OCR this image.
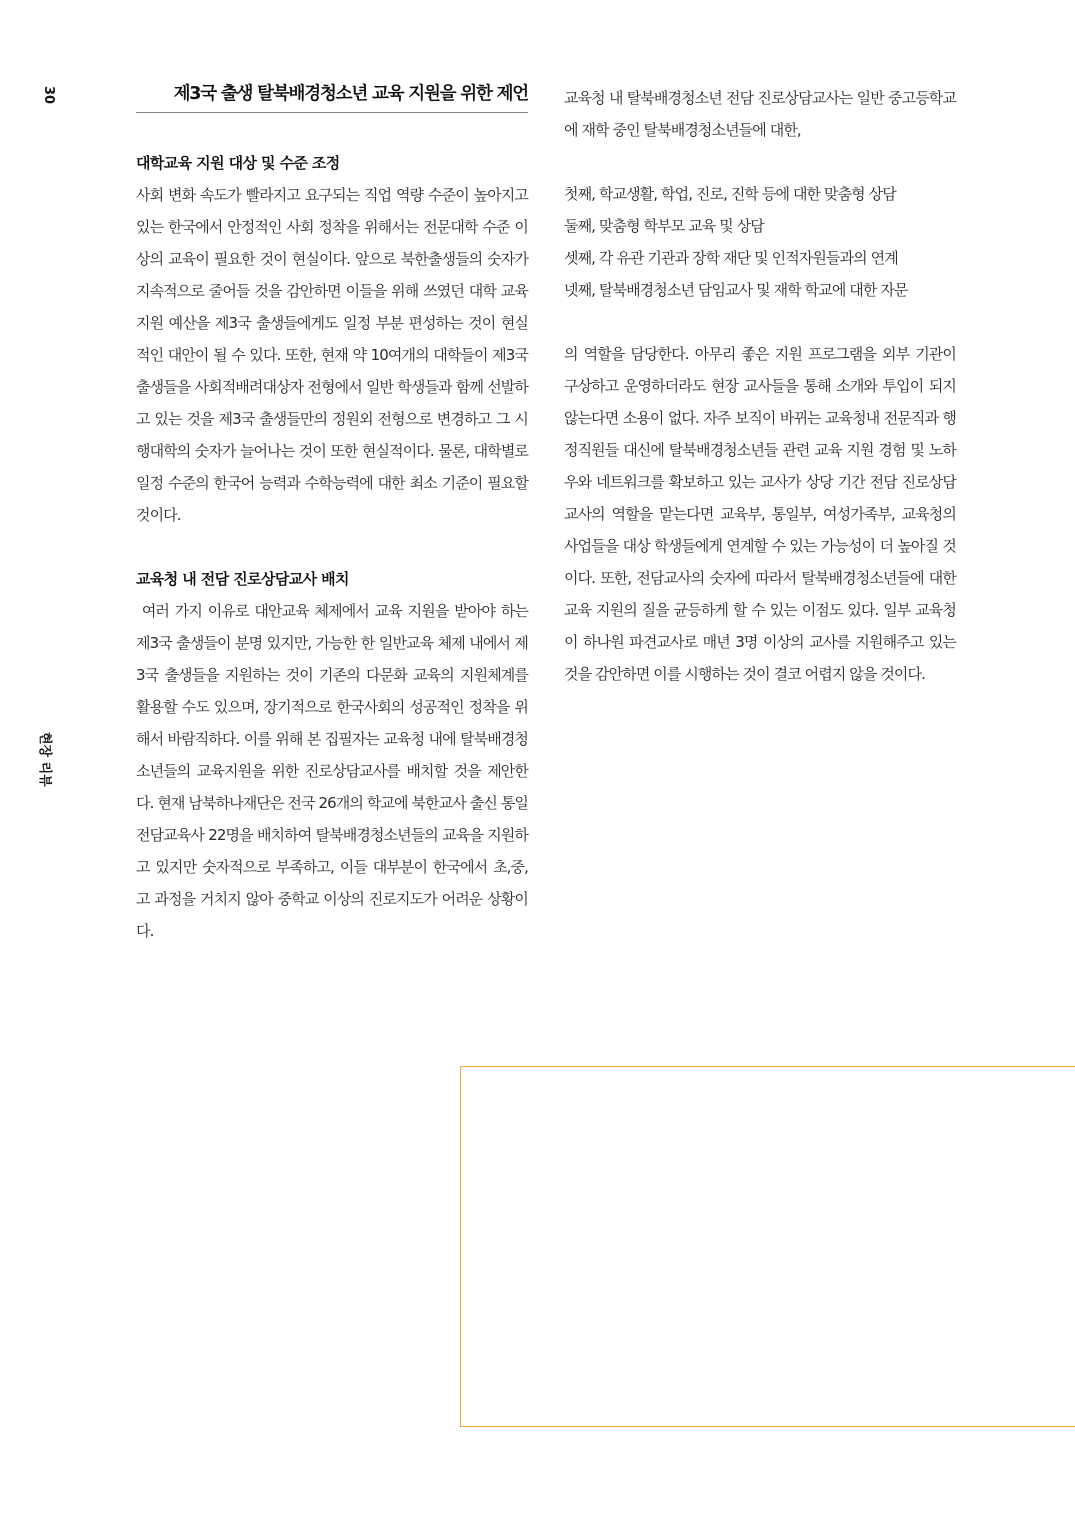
30
현장 리뷰
제3국 출생 탈북배경청소년 교육 지원을 위한 제언

대학교육 지원 대상 및 수준 조정

사회 변화 속도가 빨라지고 요구되는 직업 역량 수준이 높아지고 있는 한국에서 안정적인 사회 정착을 위해서는 전문대학 수준 이상의 교육이 필요한 것이 현실이다. 앞으로 북한출생들의 숫자가 지속적으로 줄어들 것을 감안하면 이들을 위해 쓰였던 대학 교육 지원 예산을 제3국 출생들에게도 일정 부분 편성하는 것이 현실적인 대안이 될 수 있다. 또한, 현재 약 10여개의 대학들이 제3국 출생들을 사회적배려대상자 전형에서 일반 학생들과 함께 선발하고 있는 것을 제3국 출생들만의 정원외 전형으로 변경하고 그 시행대학의 숫자가 늘어나는 것이 또한 현실적이다. 물론, 대학별로 일정 수준의 한국어 능력과 수학능력에 대한 최소 기준이 필요할 것이다.

교육청 내 전담 진로상담교사 배치

여러 가지 이유로 대안교육 체제에서 교육 지원을 받아야 하는 제3국 출생들이 분명 있지만, 가능한 한 일반교육 체제 내에서 제3국 출생들을 지원하는 것이 기존의 다문화 교육의 지원체계를 활용할 수도 있으며, 장기적으로 한국사회의 성공적인 정착을 위해서 바람직하다. 이를 위해 본 집필자는 교육청 내에 탈북배경청소년들의 교육지원을 위한 진로상담교사를 배치할 것을 제안한다. 현재 남북하나재단은 전국 26개의 학교에 북한교사 출신 통일전담교육사 22명을 배치하여 탈북배경청소년들의 교육을 지원하고 있지만 숫자적으로 부족하고, 이들 대부분이 한국에서 초,중,고 과정을 거치지 않아 중학교 이상의 진로지도가 어려운 상황이다.

교육청 내 탈북배경청소년 전담 진로상담교사는 일반 중고등학교에 재학 중인 탈북배경청소년들에 대한,

첫째, 학교생활, 학업, 진로, 진학 등에 대한 맞춤형 상담
둘째, 맞춤형 학부모 교육 및 상담
셋째, 각 유관 기관과 장학 재단 및 인적자원들과의 연계
넷째, 탈북배경청소년 담임교사 및 재학 학교에 대한 자문

의 역할을 담당한다. 아무리 좋은 지원 프로그램을 외부 기관이 구상하고 운영하더라도 현장 교사들을 통해 소개와 투입이 되지 않는다면 소용이 없다. 자주 보직이 바뀌는 교육청내 전문직과 행정직원들 대신에 탈북배경청소년들 관련 교육 지원 경험 및 노하우와 네트워크를 확보하고 있는 교사가 상당 기간 전담 진로상담교사의 역할을 맡는다면 교육부, 통일부, 여성가족부, 교육청의 사업들을 대상 학생들에게 연계할 수 있는 가능성이 더 높아질 것이다. 또한, 전담교사의 숫자에 따라서 탈북배경청소년들에 대한 교육 지원의 질을 균등하게 할 수 있는 이점도 있다. 일부 교육청이 하나원 파견교사로 매년 3명 이상의 교사를 지원해주고 있는 것을 감안하면 이를 시행하는 것이 결코 어렵지 않을 것이다.
